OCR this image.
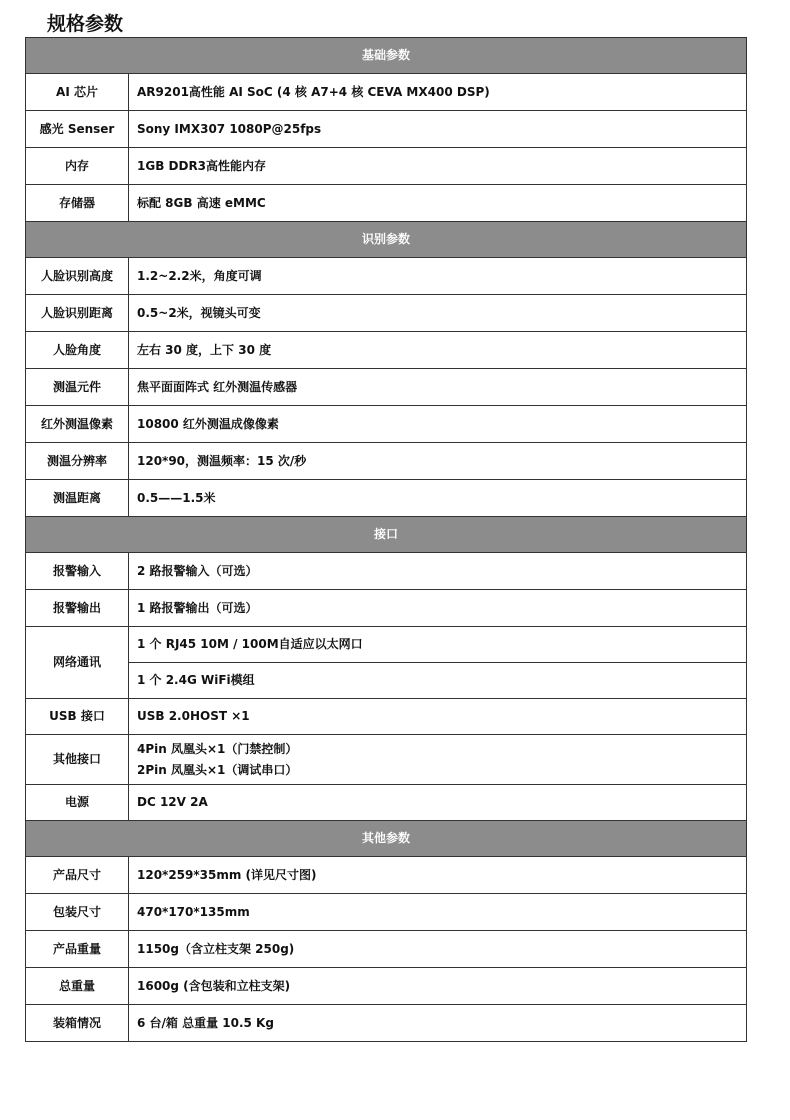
规格参数
基础参数	
AI 芯片	AR9201高性能 AI SoC (4 核 A7+4 核 CEVA MX400 DSP)
感光 Senser	Sony IMX307 1080P@25fps
内存	1GB DDR3高性能内存
存储器	标配 8GB 高速 eMMC
识别参数	
人脸识别高度	1.2~2.2米，角度可调
人脸识别距离	0.5~2米，视镜头可变
人脸角度	左右 30 度，上下 30 度
测温元件	焦平面面阵式 红外测温传感器
红外测温像素	10800 红外测温成像像素
测温分辨率	120*90，测温频率：15 次/秒
测温距离	0.5——1.5米
接口	
报警输入	2 路报警输入（可选）
报警输出	1 路报警输出（可选）
网络通讯	1 个 RJ45 10M / 100M自适应以太网口
	1 个 2.4G WiFi模组
USB 接口	USB 2.0HOST ×1
其他接口	4Pin 凤凰头×1（门禁控制）
2Pin 凤凰头×1（调试串口）

电源	DC 12V 2A
其他参数	
产品尺寸	120*259*35mm (详见尺寸图)
包装尺寸	470*170*135mm
产品重量	1150g（含立柱支架 250g)
总重量	1600g (含包装和立柱支架)
装箱情况	6 台/箱 总重量 10.5 Kg
